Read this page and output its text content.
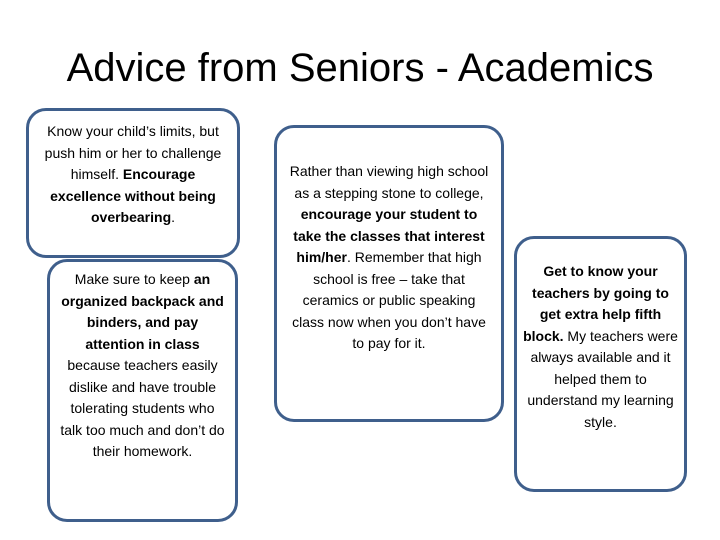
Advice from Seniors - Academics
Know your child’s limits, but push him or her to challenge himself. Encourage excellence without being overbearing.
Make sure to keep an organized backpack and binders, and pay attention in class because teachers easily dislike and have trouble tolerating students who talk too much and don’t do their homework.
Rather than viewing high school as a stepping stone to college, encourage your student to take the classes that interest him/her. Remember that high school is free – take that ceramics or public speaking class now when you don’t have to pay for it.
Get to know your teachers by going to get extra help fifth block. My teachers were always available and it helped them to understand my learning style.
